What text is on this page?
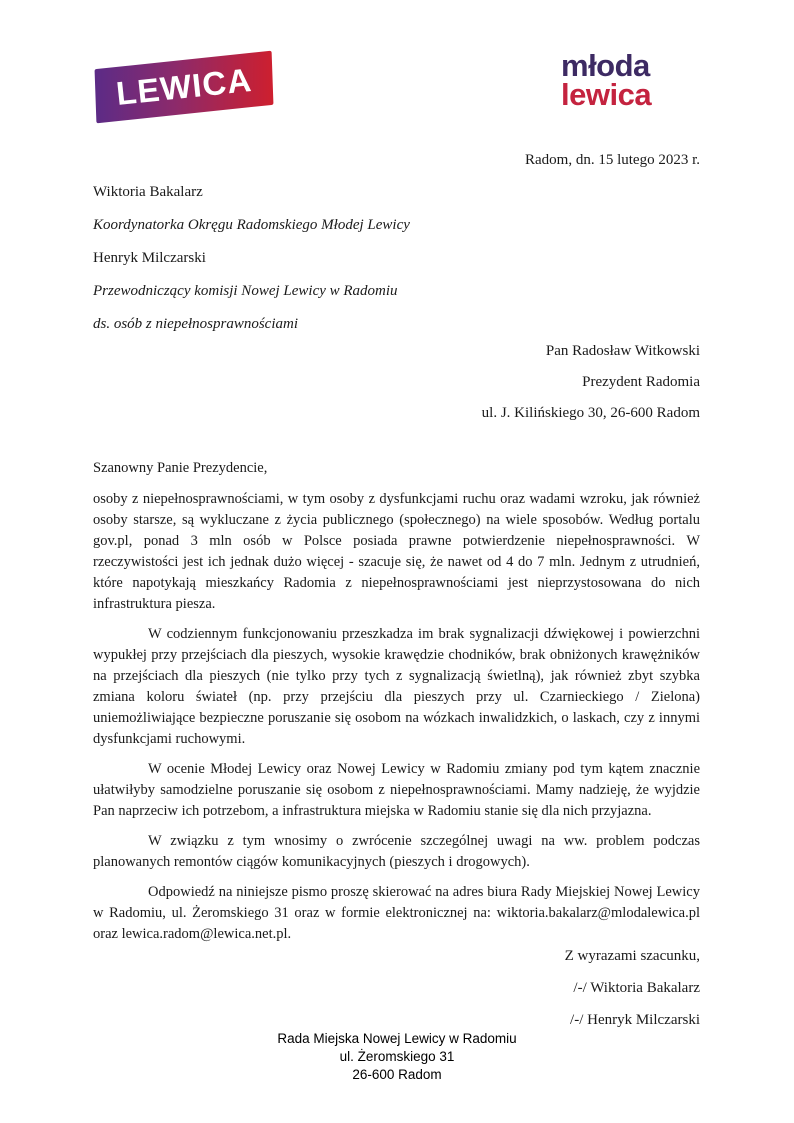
LEWICA	młoda
lewica
Radom, dn. 15 lutego 2023 r.

Wiktoria Bakalarz

Koordynatorka Okręgu Radomskiego Młodej Lewicy

Henryk Milczarski

Przewodniczący komisji Nowej Lewicy w Radomiu

ds. osób z niepełnosprawnościami

Pan Radosław Witkowski

Prezydent Radomia

ul. J. Kilińskiego 30, 26-600 Radom

Szanowny Panie Prezydencie,

osoby z niepełnosprawnościami, w tym osoby z dysfunkcjami ruchu oraz wadami wzroku, jak również osoby starsze, są wykluczane z życia publicznego (społecznego) na wiele sposobów. Według portalu gov.pl, ponad 3 mln osób w Polsce posiada prawne potwierdzenie niepełnosprawności. W rzeczywistości jest ich jednak dużo więcej - szacuje się, że nawet od 4 do 7 mln. Jednym z utrudnień, które napotykają mieszkańcy Radomia z niepełnosprawnościami jest nieprzystosowana do nich infrastruktura piesza.

W codziennym funkcjonowaniu przeszkadza im brak sygnalizacji dźwiękowej i powierzchni wypukłej przy przejściach dla pieszych, wysokie krawędzie chodników, brak obniżonych krawężników na przejściach dla pieszych (nie tylko przy tych z sygnalizacją świetlną), jak również zbyt szybka zmiana koloru świateł (np. przy przejściu dla pieszych przy ul. Czarnieckiego / Zielona) uniemożliwiające bezpieczne poruszanie się osobom na wózkach inwalidzkich, o laskach, czy z innymi dysfunkcjami ruchowymi.

W ocenie Młodej Lewicy oraz Nowej Lewicy w Radomiu zmiany pod tym kątem znacznie ułatwiłyby samodzielne poruszanie się osobom z niepełnosprawnościami. Mamy nadzieję, że wyjdzie Pan naprzeciw ich potrzebom, a infrastruktura miejska w Radomiu stanie się dla nich przyjazna.

W związku z tym wnosimy o zwrócenie szczególnej uwagi na ww. problem podczas planowanych remontów ciągów komunikacyjnych (pieszych i drogowych).

Odpowiedź na niniejsze pismo proszę skierować na adres biura Rady Miejskiej Nowej Lewicy w Radomiu, ul. Żeromskiego 31 oraz w formie elektronicznej na: wiktoria.bakalarz@mlodalewica.pl oraz lewica.radom@lewica.net.pl.

Z wyrazami szacunku,

/-/ Wiktoria Bakalarz

/-/ Henryk Milczarski

Rada Miejska Nowej Lewicy w Radomiu

ul. Żeromskiego 31

26-600 Radom
